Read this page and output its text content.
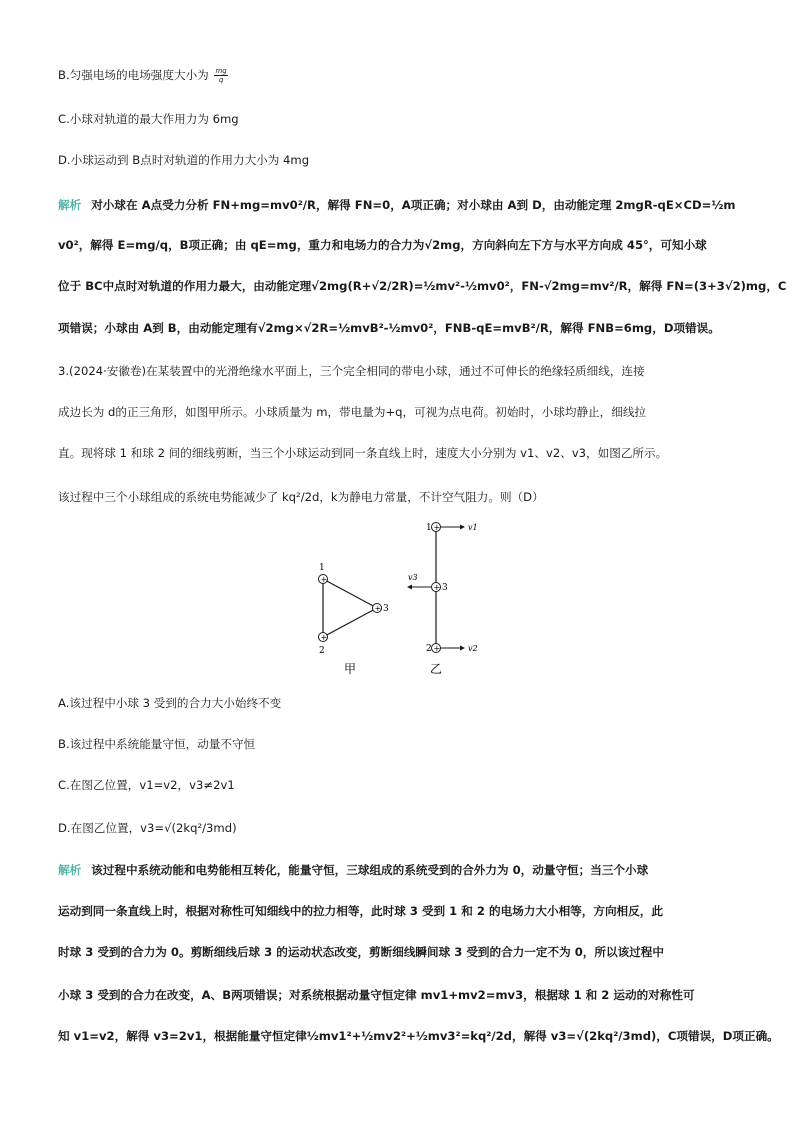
B.匀强电场的电场强度大小为 $\frac{mg}{q}$
C.小球对轨道的最大作用力为 6mg
D.小球运动到 B点时对轨道的作用力大小为 4mg
解析 对小球在 A点受力分析 FN+mg=mv0²/R，解得 FN=0，A项正确；对小球由 A到 D，由动能定理 2mgR-qE×CD=½m
v0²，解得 E=mg/q，B项正确；由 qE=mg，重力和电场力的合力为√2mg，方向斜向左下方与水平方向成 45°，可知小球
位于 BC中点时对轨道的作用力最大，由动能定理√2mg(R+√2/2R)=½mv²-½mv0²，FN-√2mg=mv²/R，解得 FN=(3+3√2)mg，C
项错误；小球由 A到 B，由动能定理有√2mg×√2R=½mvB²-½mv0²，FNB-qE=mvB²/R，解得 FNB=6mg，D项错误。
3.(2024·安徽卷)在某装置中的光滑绝缘水平面上，三个完全相同的带电小球，通过不可伸长的绝缘轻质细线，连接
成边长为 d的正三角形，如图甲所示。小球质量为 m，带电量为+q，可视为点电荷。初始时，小球均静止，细线拉
直。现将球 1 和球 2 间的细线剪断，当三个小球运动到同一条直线上时，速度大小分别为 v1、v2、v3，如图乙所示。
该过程中三个小球组成的系统电势能减少了 kq²/2d，k为静电力常量，不计空气阻力。则（D）
+
+
+
1
2
3
甲
+
+
+
1
3
2
v1
v3
v2
乙
A.该过程中小球 3 受到的合力大小始终不变
B.该过程中系统能量守恒，动量不守恒
C.在图乙位置，v1=v2，v3≠2v1
D.在图乙位置，v3=√(2kq²/3md)
解析 该过程中系统动能和电势能相互转化，能量守恒，三球组成的系统受到的合外力为 0，动量守恒；当三个小球
运动到同一条直线上时，根据对称性可知细线中的拉力相等，此时球 3 受到 1 和 2 的电场力大小相等，方向相反，此
时球 3 受到的合力为 0。剪断细线后球 3 的运动状态改变，剪断细线瞬间球 3 受到的合力一定不为 0，所以该过程中
小球 3 受到的合力在改变，A、B两项错误；对系统根据动量守恒定律 mv1+mv2=mv3，根据球 1 和 2 运动的对称性可
知 v1=v2，解得 v3=2v1，根据能量守恒定律½mv1²+½mv2²+½mv3²=kq²/2d，解得 v3=√(2kq²/3md)，C项错误，D项正确。
